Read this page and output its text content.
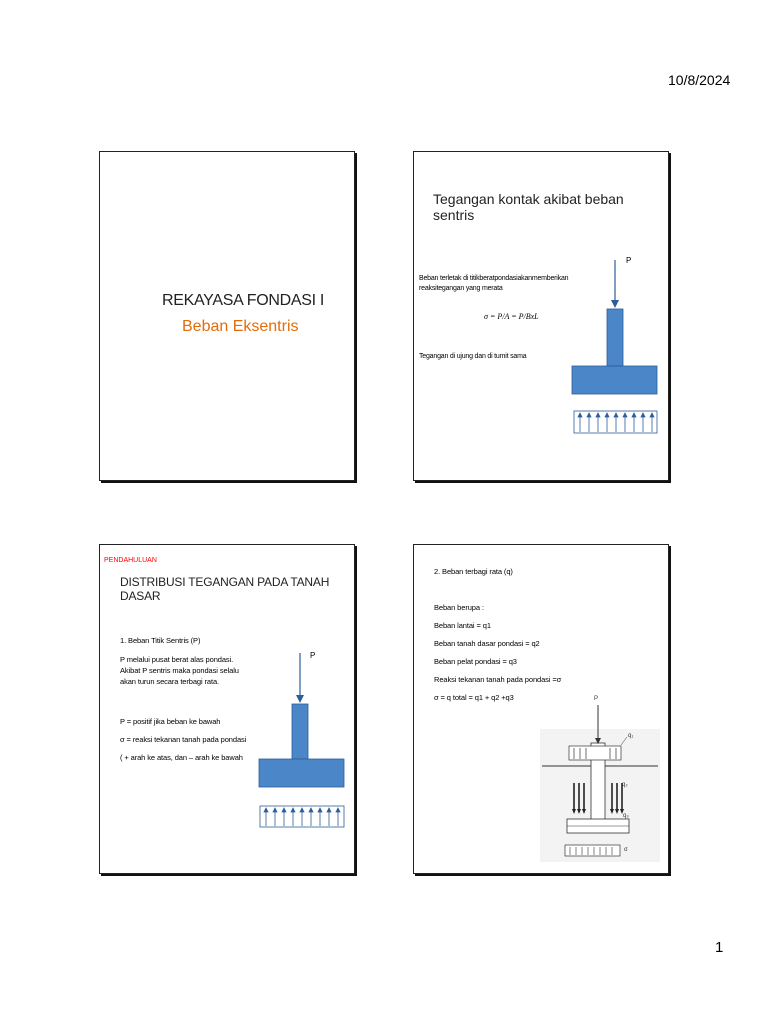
10/8/2024
REKAYASA FONDASI I
Beban Eksentris
Tegangan kontak akibat beban sentris
Beban terletak di titikberatpondasiakanmemberikan reaksitegangan yang merata
σ = P/A = P/BxL
Tegangan di ujung dan di tumit sama
P
PENDAHULUAN
DISTRIBUSI TEGANGAN PADA TANAH DASAR
1. Beban Titik Sentris (P)
P melalui pusat berat alas pondasi.
Akibat P sentris maka pondasi selalu
akan turun secara terbagi rata.
P = positif jika beban ke bawah
σ = reaksi tekanan tanah pada pondasi
( + arah ke atas, dan – arah ke bawah
P
2. Beban terbagi rata (q)
Beban berupa :
Beban lantai = q1
Beban tanah dasar pondasi = q2
Beban pelat pondasi = q3
Reaksi tekanan tanah pada pondasi =σ
σ = q total = q1 + q2 +q3	P
q₁
q₂
q₃
σ
1
